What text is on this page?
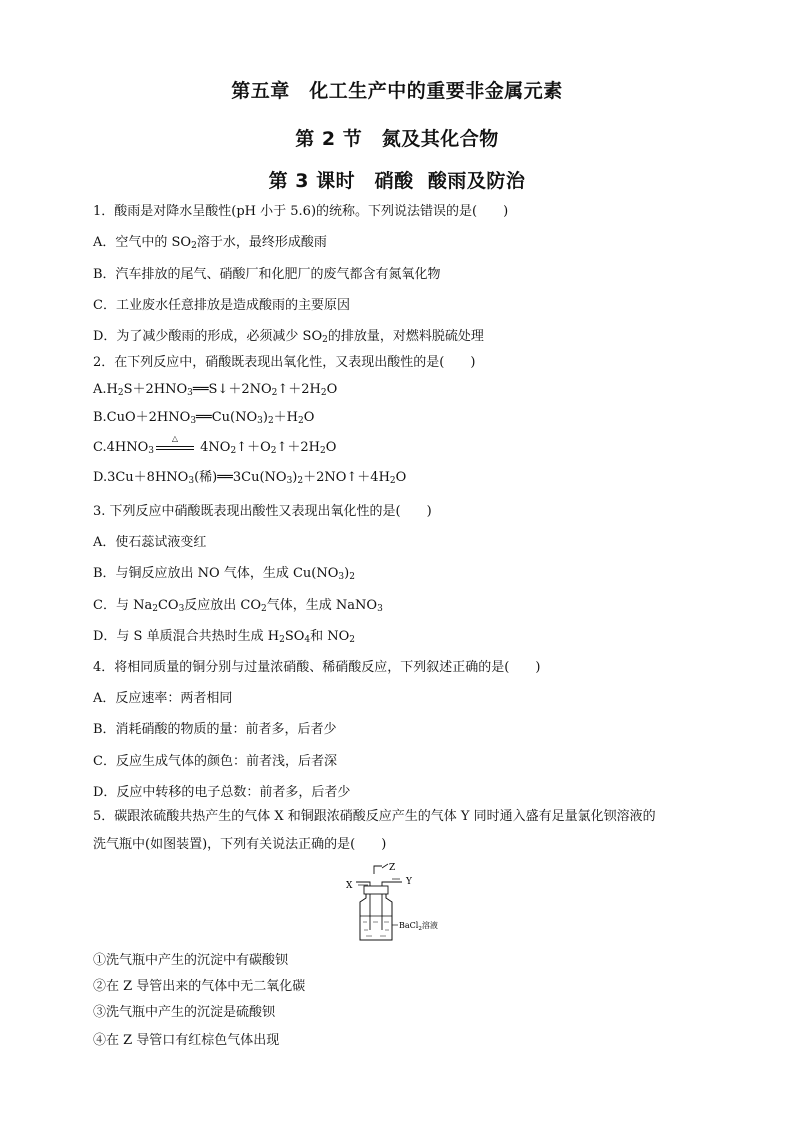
第五章　化工生产中的重要非金属元素
第 2 节　氮及其化合物
第 3 课时　硝酸  酸雨及防治
1．酸雨是对降水呈酸性(pH 小于 5.6)的统称。下列说法错误的是(　　)
A．空气中的 $SO_2$溶于水，最终形成酸雨
B．汽车排放的尾气、硝酸厂和化肥厂的废气都含有氮氧化物
C．工业废水任意排放是造成酸雨的主要原因
D．为了减少酸雨的形成，必须减少 $SO_2$的排放量，对燃料脱硫处理
2．在下列反应中，硝酸既表现出氧化性，又表现出酸性的是(　　)
$A.H_2S+2HNO_3══S↓+2NO_2↑+2H_2O$
$B.CuO+2HNO_3══Cu(NO_3)_2+H_2O$
$C.4HNO_3$
△
$4NO_2↑+O_2↑+2H_2O$
$D.3Cu+8HNO_3$(稀)$══3Cu(NO_3)_2+2NO↑+4H_2O$
3. 下列反应中硝酸既表现出酸性又表现出氧化性的是(　　)
A．使石蕊试液变红
B．与铜反应放出 NO 气体，生成 $Cu(NO_3)_2$
C．与 $Na_2CO_3$反应放出 $CO_2$气体，生成 NaNO$_3$
D．与 S 单质混合共热时生成 $H_2SO_4$和 $NO_2$
4．将相同质量的铜分别与过量浓硝酸、稀硝酸反应，下列叙述正确的是(　　)
A．反应速率：两者相同
B．消耗硝酸的物质的量：前者多，后者少
C．反应生成气体的颜色：前者浅，后者深
D．反应中转移的电子总数：前者多，后者少
5．碳跟浓硫酸共热产生的气体 X 和铜跟浓硝酸反应产生的气体 Y 同时通入盛有足量氯化钡溶液的
洗气瓶中(如图装置)，下列有关说法正确的是(　　)
Z
X	Y
BaCl$_2$溶液
①洗气瓶中产生的沉淀中有碳酸钡
②在 Z 导管出来的气体中无二氧化碳
③洗气瓶中产生的沉淀是硫酸钡
④在 Z 导管口有红棕色气体出现
